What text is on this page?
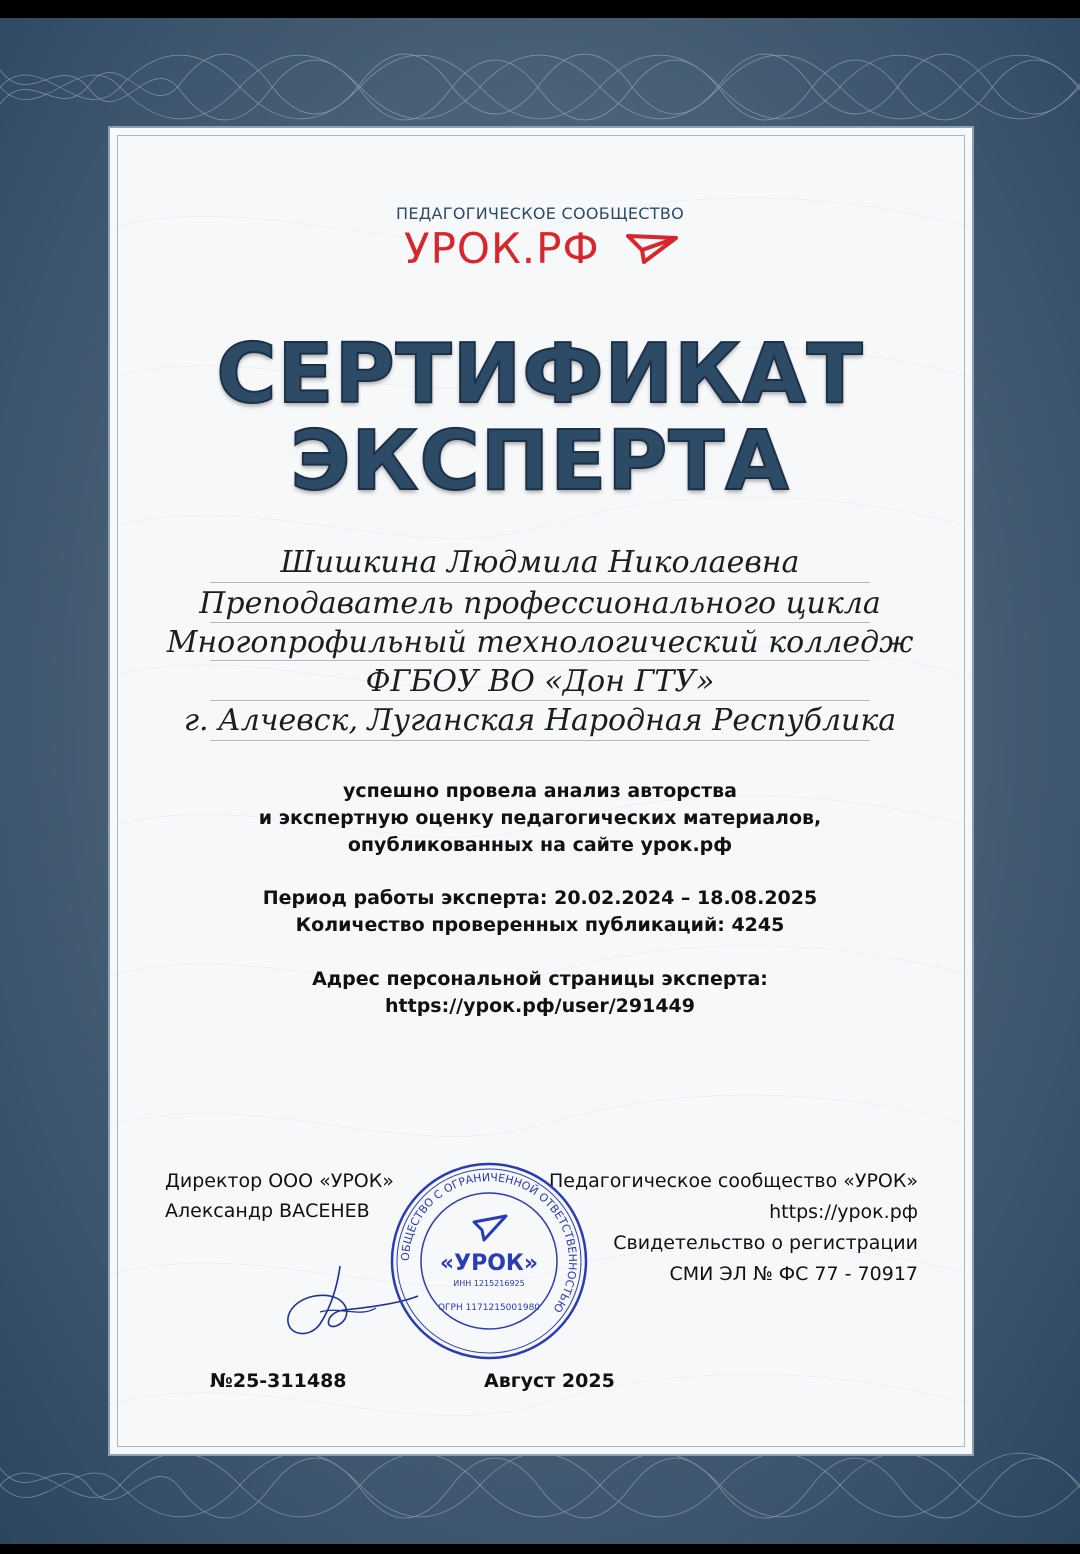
ПЕДАГОГИЧЕСКОЕ СООБЩЕСТВО
УРОК.РФ
СЕРТИФИКАТ
ЭКСПЕРТА
Шишкина Людмила Николаевна
Преподаватель профессионального цикла
Многопрофильный технологический колледж
ФГБОУ ВО «Дон ГТУ»
г. Алчевск, Луганская Народная Республика
успешно провела анализ авторства
и экспертную оценку педагогических материалов,
опубликованных на сайте урок.рф
Период работы эксперта: 20.02.2024 – 18.08.2025
Количество проверенных публикаций: 4245
Адрес персональной страницы эксперта:
https://урок.рф/user/291449
Директор ООО «УРОК»
Александр ВАСЕНЕВ
Педагогическое сообщество «УРОК»
https://урок.рф
Свидетельство о регистрации
СМИ ЭЛ № ФС 77 - 70917
ОБЩЕСТВО С ОГРАНИЧЕННОЙ ОТВЕТСТВЕННОСТЬЮ
«УРОК»
ИНН 1215216925
ОГРН 1171215001980
№25-311488	Август 2025
